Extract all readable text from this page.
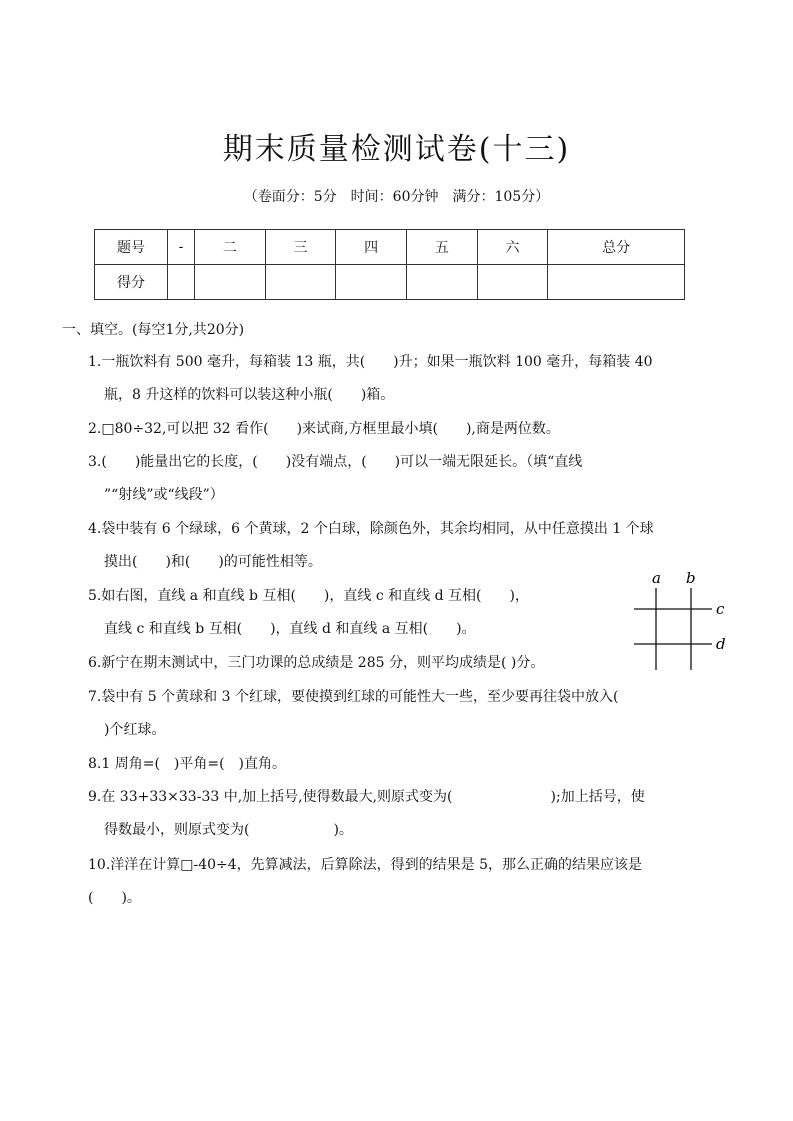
期末质量检测试卷(十三)
（卷面分：5分　时间：60分钟　满分：105分）
题号	-	二	三	四	五	六	总分
得分							
一、填空。(每空1分,共20分)
1.一瓶饮料有 500 毫升，每箱装 13 瓶，共(　　)升；如果一瓶饮料 100 毫升，每箱装 40
瓶，8 升这样的饮料可以装这种小瓶(　　)箱。
2.□80÷32,可以把 32 看作(　　)来试商,方框里最小填(　　),商是两位数。
3.(　　)能量出它的长度，(　　)没有端点，(　　)可以一端无限延长。（填“直线
”“射线”或“线段”）
4.袋中装有 6 个绿球，6 个黄球，2 个白球，除颜色外，其余均相同，从中任意摸出 1 个球
摸出(　　)和(　　)的可能性相等。
5.如右图，直线 a 和直线 b 互相(　　)，直线 c 和直线 d 互相(　　)，
直线 c 和直线 b 互相(　　)，直线 d 和直线 a 互相(　　)。
6.新宁在期末测试中，三门功课的总成绩是 285 分，则平均成绩是( )分。
7.袋中有 5 个黄球和 3 个红球，要使摸到红球的可能性大一些，至少要再往袋中放入(
)个红球。
8.1 周角=(　)平角=(　)直角。
9.在 33+33×33-33 中,加上括号,使得数最大,则原式变为(　　　　　　　);加上括号，使
得数最小，则原式变为(　　　　　　)。
10.洋洋在计算□-40÷4，先算减法，后算除法，得到的结果是 5，那么正确的结果应该是
(　　)。
a b
c
d
